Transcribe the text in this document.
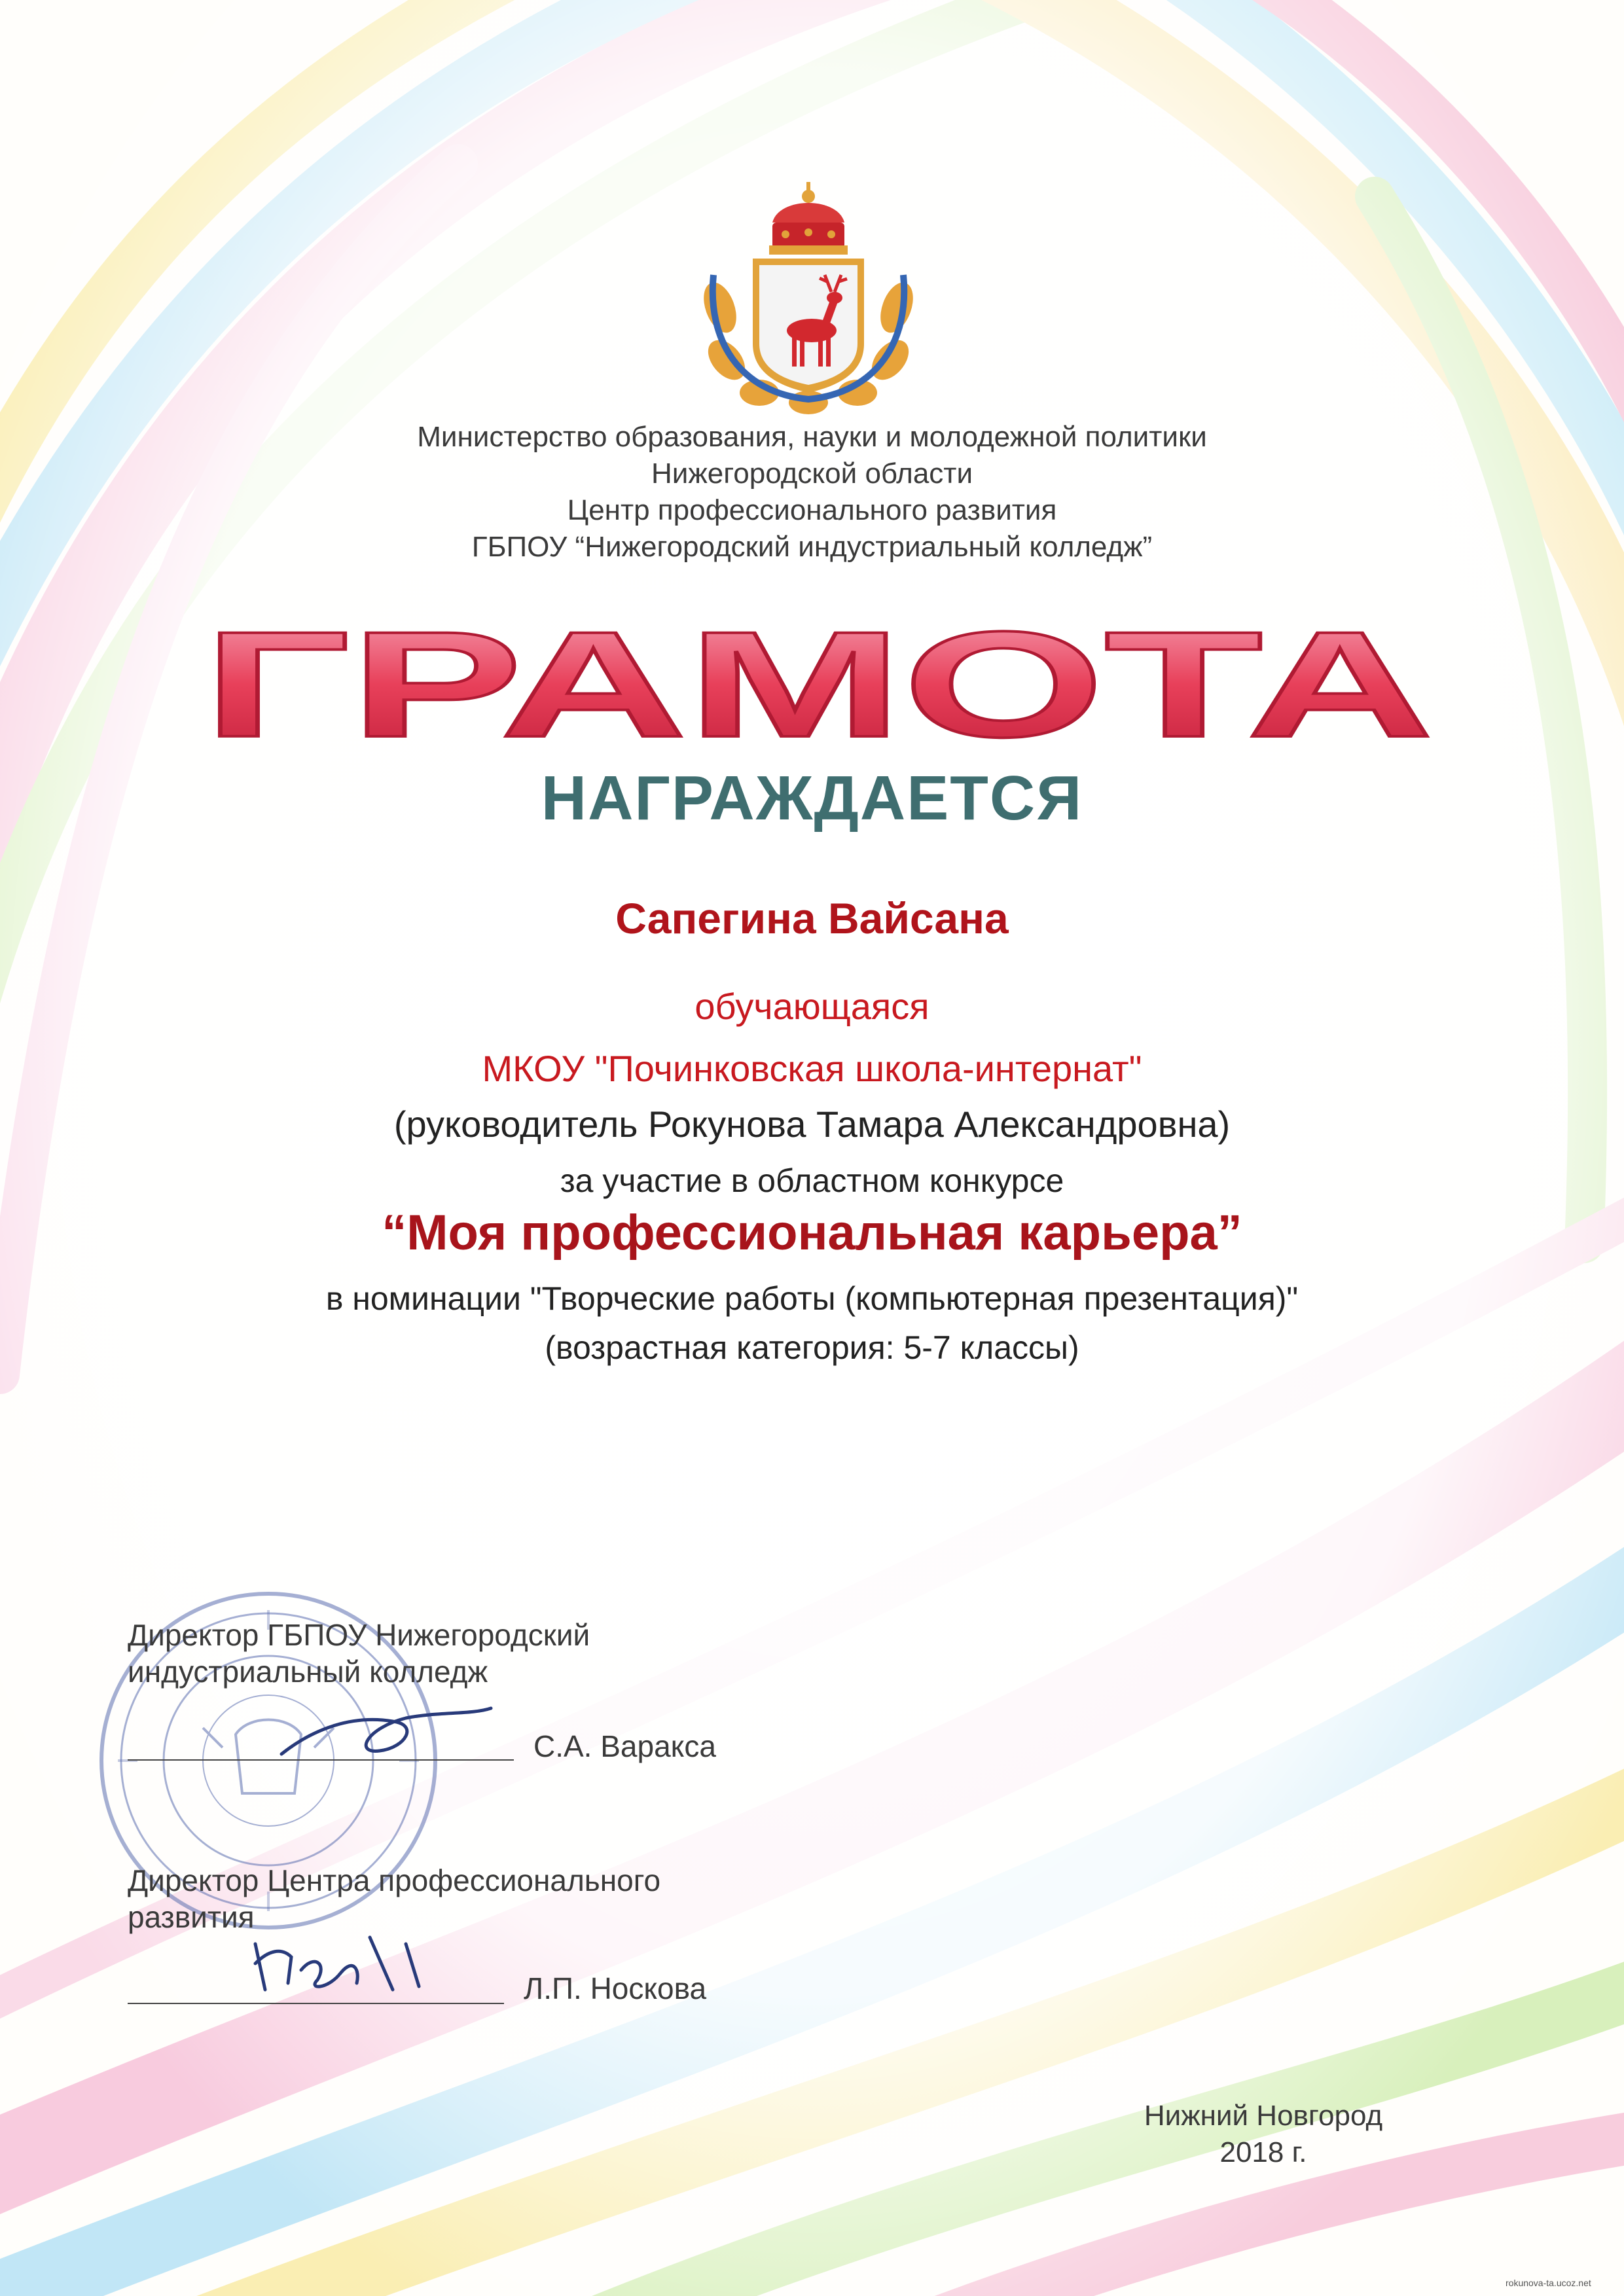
Министерство образования, науки и молодежной политики
Нижегородской области
Центр профессионального развития
ГБПОУ “Нижегородский индустриальный колледж”
ГРАМОТА
НАГРАЖДАЕТСЯ
Сапегина Вайсана
обучающаяся
МКОУ "Починковская школа-интернат"
(руководитель Рокунова Тамара Александровна)
за участие в областном конкурсе
“Моя профессиональная карьера”
в номинации "Творческие работы (компьютерная презентация)"
(возрастная категория: 5-7 классы)
Директор ГБПОУ Нижегородский
индустриальный колледж
С.А. Варакса
Директор Центра профессионального
развития
Л.П. Носкова
Нижний Новгород
2018 г.
rokunova-ta.ucoz.net
